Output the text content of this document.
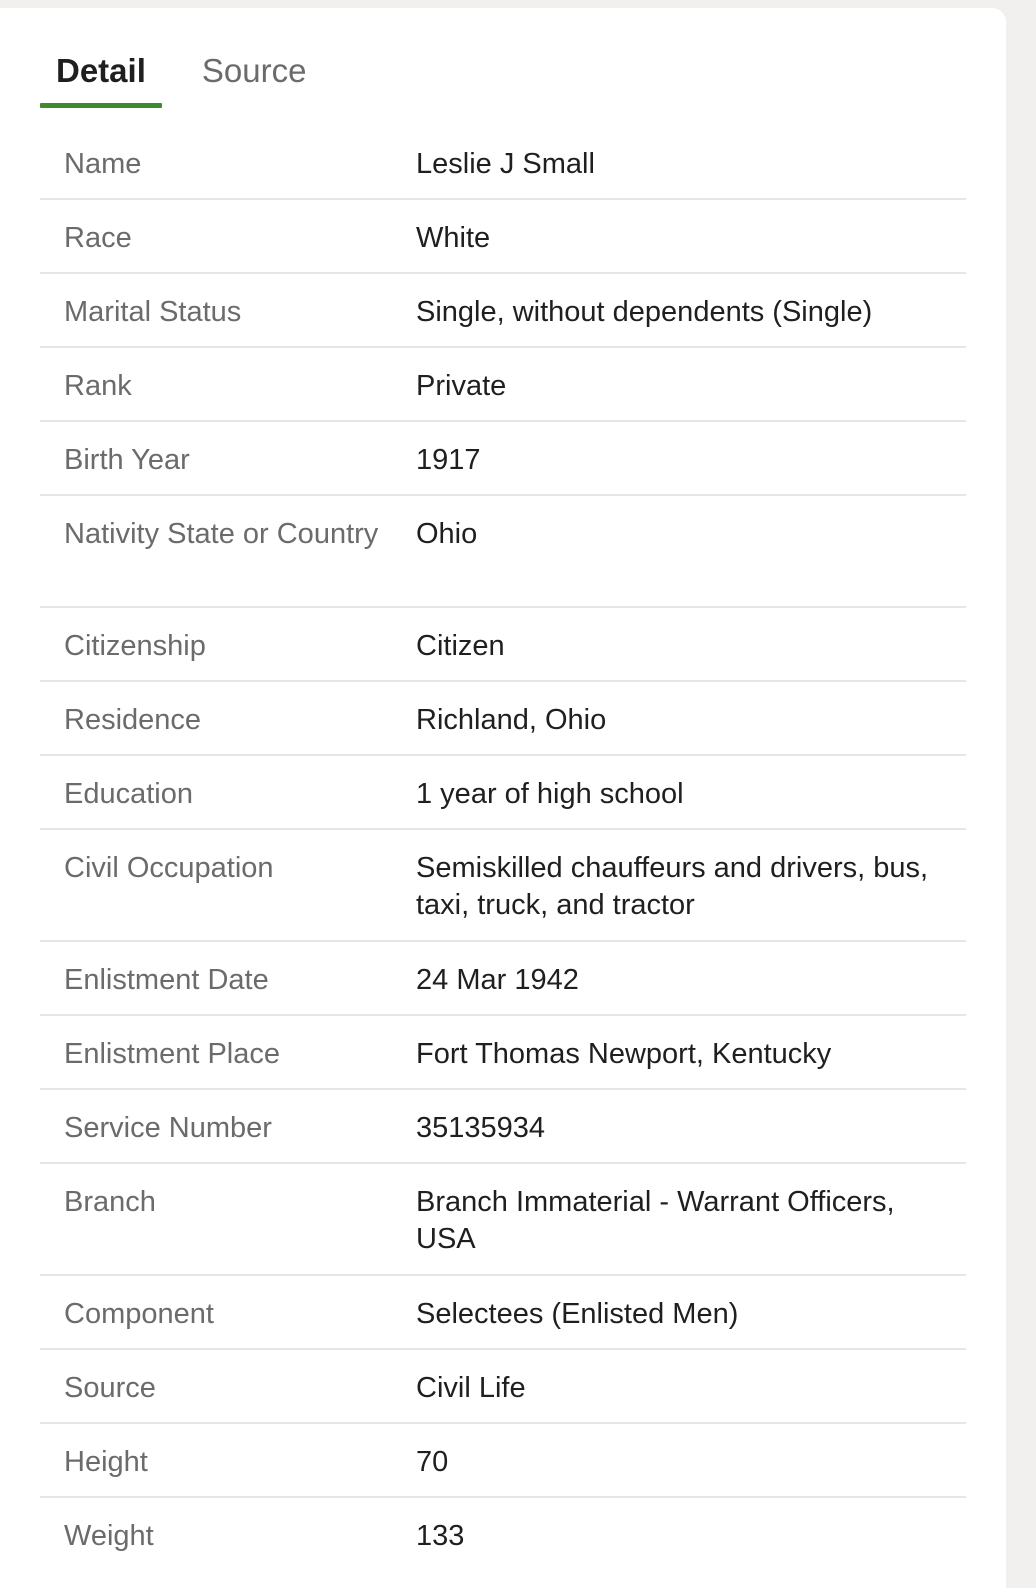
Detail	Source
Name	Leslie J Small
Race	White
Marital Status	Single, without dependents (Single)
Rank	Private
Birth Year	1917
Nativity State or Country	Ohio
Citizenship	Citizen
Residence	Richland, Ohio
Education	1 year of high school
Civil Occupation	Semiskilled chauffeurs and drivers, bus, taxi, truck, and tractor
Enlistment Date	24 Mar 1942
Enlistment Place	Fort Thomas Newport, Kentucky
Service Number	35135934
Branch	Branch Immaterial - Warrant Officers, USA
Component	Selectees (Enlisted Men)
Source	Civil Life
Height	70
Weight	133
